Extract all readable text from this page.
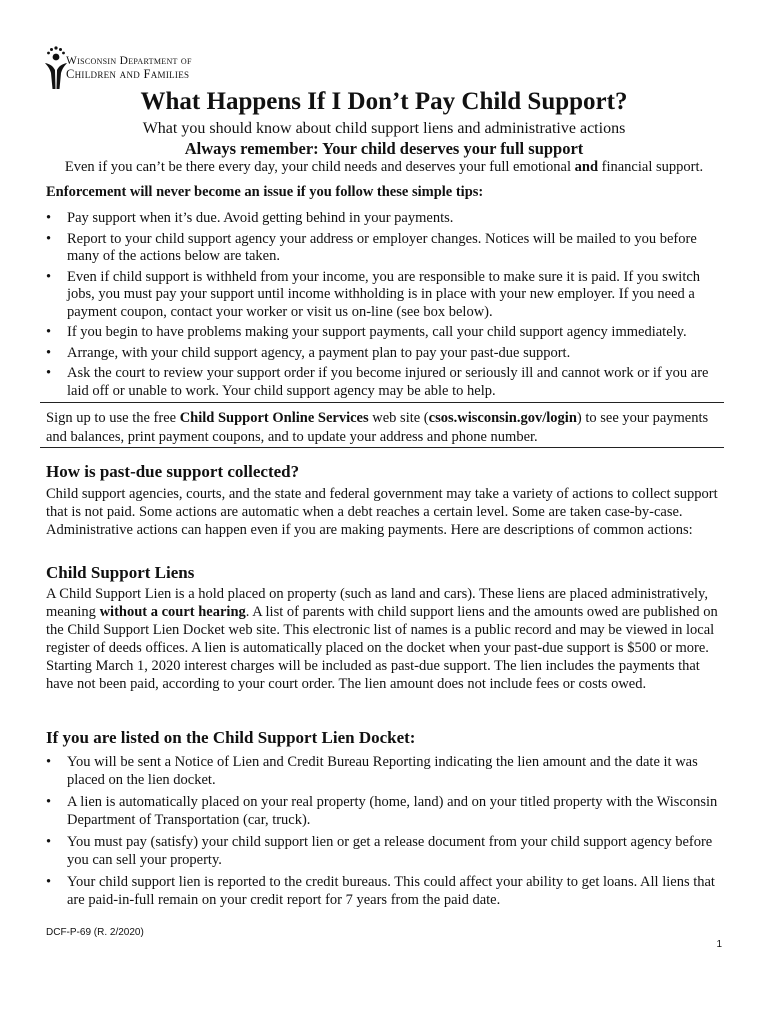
Wisconsin Department of
Children and Families
What Happens If I Don’t Pay Child Support?
What you should know about child support liens and administrative actions
Always remember: Your child deserves your full support
Even if you can’t be there every day, your child needs and deserves your full emotional and financial support.
Enforcement will never become an issue if you follow these simple tips:
• Pay support when it’s due. Avoid getting behind in your payments.
• Report to your child support agency your address or employer changes. Notices will be mailed to you before many of the actions below are taken.
• Even if child support is withheld from your income, you are responsible to make sure it is paid. If you switch jobs, you must pay your support until income withholding is in place with your new employer. If you need a payment coupon, contact your worker or visit us on-line (see box below).
• If you begin to have problems making your support payments, call your child support agency immediately.
• Arrange, with your child support agency, a payment plan to pay your past-due support.
• Ask the court to review your support order if you become injured or seriously ill and cannot work or if you are laid off or unable to work. Your child support agency may be able to help.

Sign up to use the free Child Support Online Services web site (csos.wisconsin.gov/login) to see your payments and balances, print payment coupons, and to update your address and phone number.

How is past-due support collected?

Child support agencies, courts, and the state and federal government may take a variety of actions to collect support that is not paid. Some actions are automatic when a debt reaches a certain level. Some are taken case-by-case. Administrative actions can happen even if you are making payments. Here are descriptions of common actions:

Child Support Liens

A Child Support Lien is a hold placed on property (such as land and cars). These liens are placed administratively, meaning without a court hearing. A list of parents with child support liens and the amounts owed are published on the Child Support Lien Docket web site. This electronic list of names is a public record and may be viewed in local register of deeds offices. A lien is automatically placed on the docket when your past-due support is $500 or more. Starting March 1, 2020 interest charges will be included as past-due support. The lien includes the payments that have not been paid, according to your court order. The lien amount does not include fees or costs owed.

If you are listed on the Child Support Lien Docket:
• You will be sent a Notice of Lien and Credit Bureau Reporting indicating the lien amount and the date it was placed on the lien docket.
• A lien is automatically placed on your real property (home, land) and on your titled property with the Wisconsin Department of Transportation (car, truck).
• You must pay (satisfy) your child support lien or get a release document from your child support agency before you can sell your property.
• Your child support lien is reported to the credit bureaus. This could affect your ability to get loans. All liens that are paid-in-full remain on your credit report for 7 years from the paid date.
DCF-P-69 (R. 2/2020)
1
